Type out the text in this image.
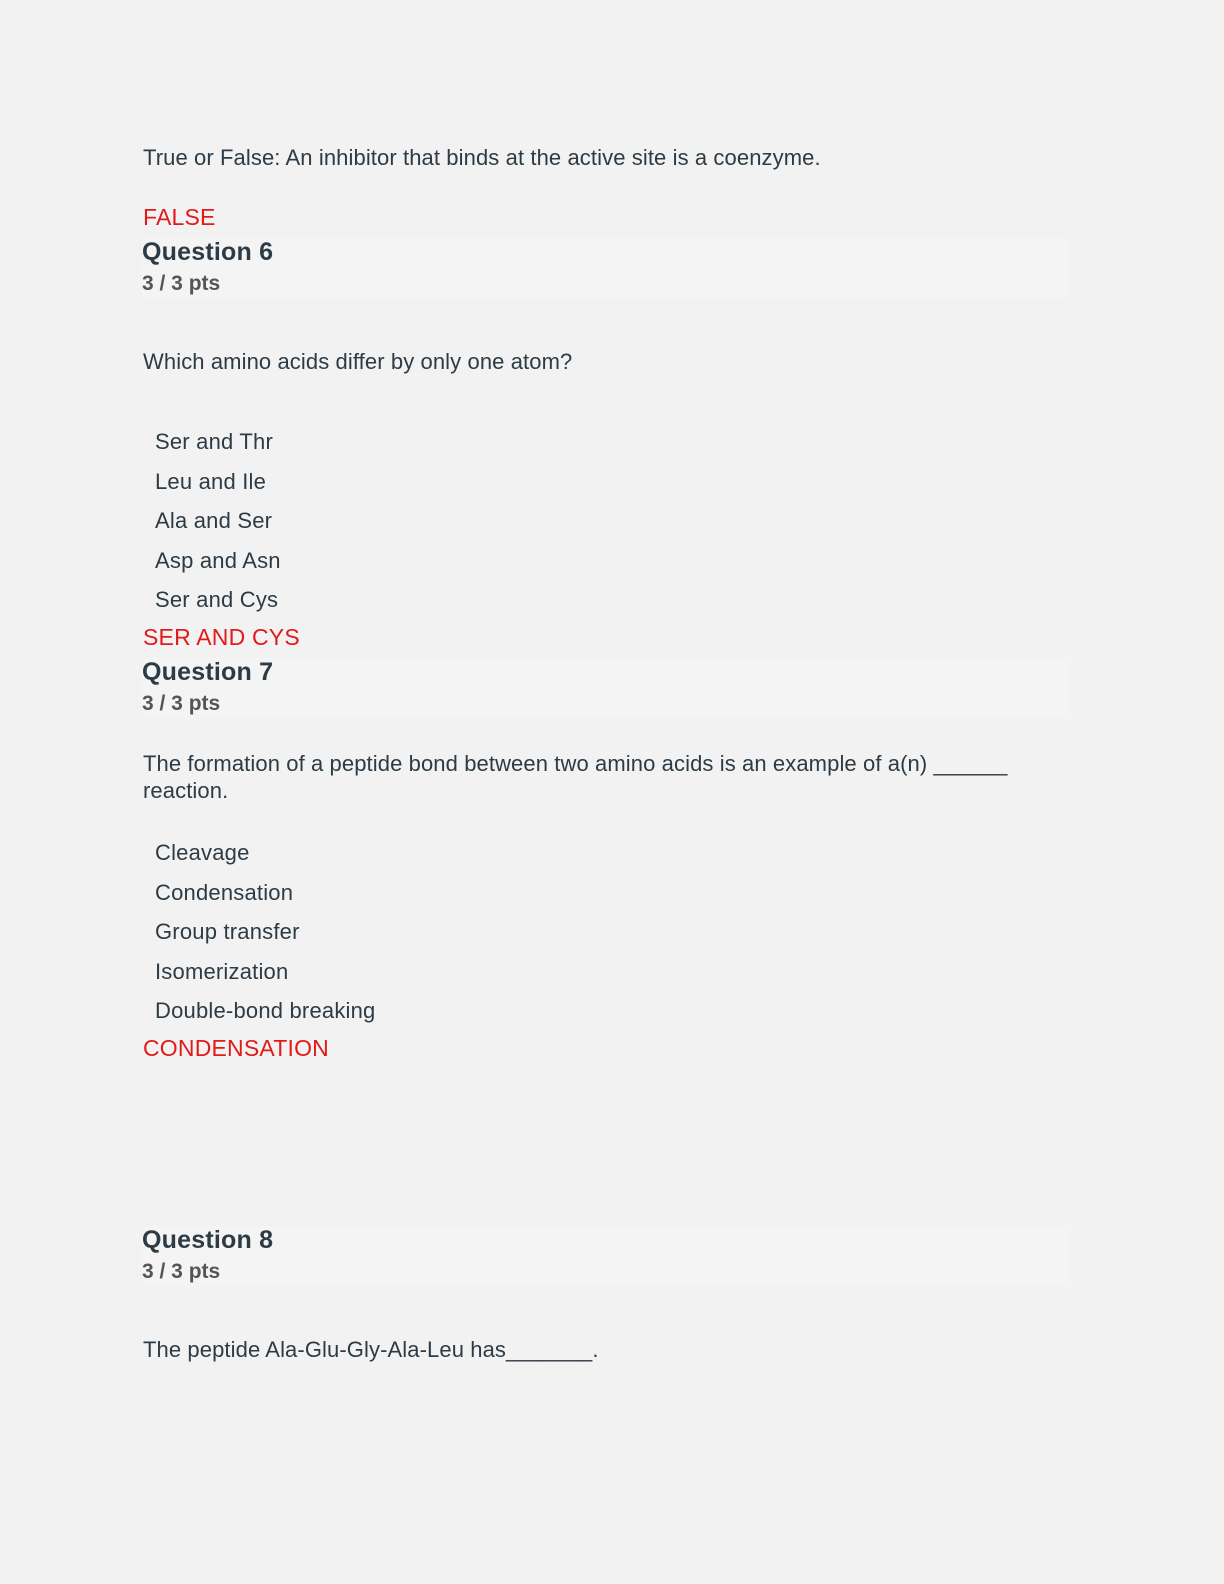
True or False: An inhibitor that binds at the active site is a coenzyme.
FALSE
Question 6
3 / 3 pts
Which amino acids differ by only one atom?
Ser and Thr
Leu and Ile
Ala and Ser
Asp and Asn
Ser and Cys
SER AND CYS
Question 7
3 / 3 pts
The formation of a peptide bond between two amino acids is an example of a(n) ______
reaction.
Cleavage
Condensation
Group transfer
Isomerization
Double-bond breaking
CONDENSATION
Question 8
3 / 3 pts
The peptide Ala-Glu-Gly-Ala-Leu has_______.
